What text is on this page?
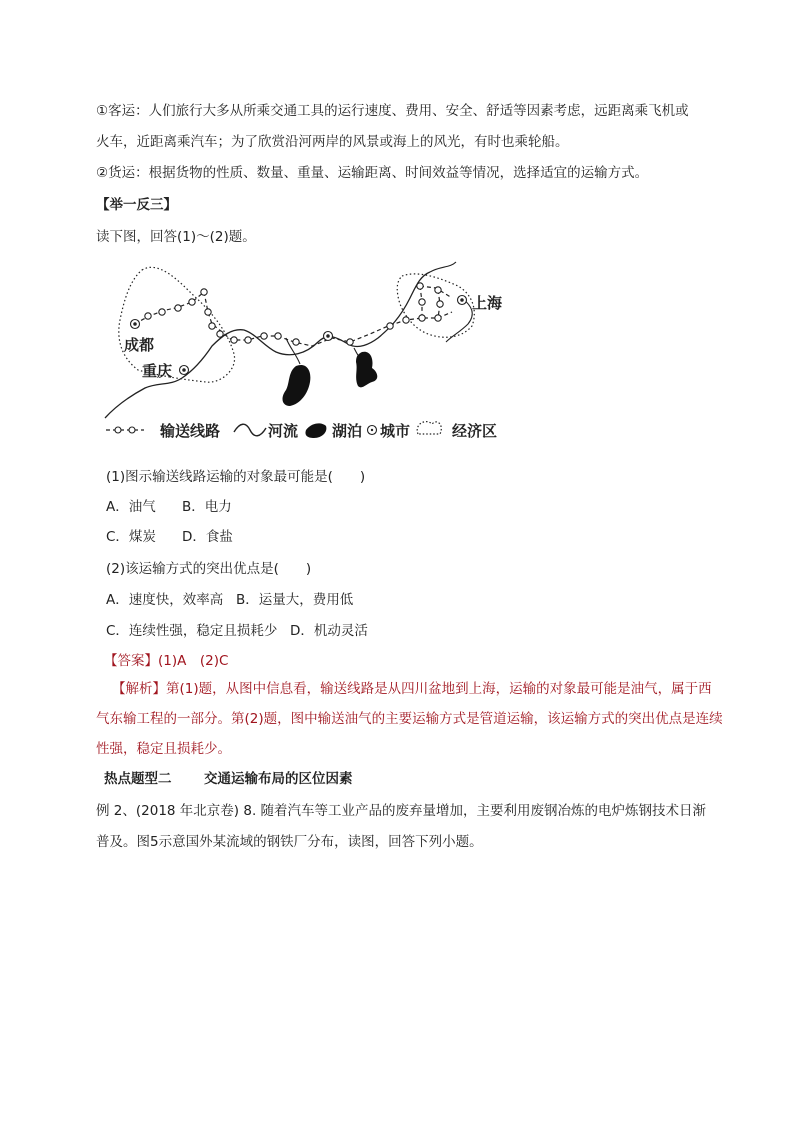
①客运：人们旅行大多从所乘交通工具的运行速度、费用、安全、舒适等因素考虑，远距离乘飞机或
火车，近距离乘汽车；为了欣赏沿河两岸的风景或海上的风光，有时也乘轮船。
②货运：根据货物的性质、数量、重量、运输距离、时间效益等情况，选择适宜的运输方式。
【举一反三】
读下图，回答(1)～(2)题。
成都
重庆
上海
输送线路	河流 湖泊 城市	经济区
(1)图示输送线路运输的对象最可能是(　　)
A．油气 B．电力
C．煤炭 D．食盐
(2)该运输方式的突出优点是(　　)
A．速度快，效率高 B．运量大，费用低
C．连续性强，稳定且损耗少 D．机动灵活
【答案】(1)A　(2)C
【解析】第(1)题，从图中信息看，输送线路是从四川盆地到上海，运输的对象最可能是油气，属于西
气东输工程的一部分。第(2)题，图中输送油气的主要运输方式是管道运输，该运输方式的突出优点是连续
性强，稳定且损耗少。
热点题型二 交通运输布局的区位因素
例 2、(2018 年北京卷) 8. 随着汽车等工业产品的废弃量增加，主要利用废钢冶炼的电炉炼钢技术日渐
普及。图5示意国外某流域的钢铁厂分布，读图，回答下列小题。
